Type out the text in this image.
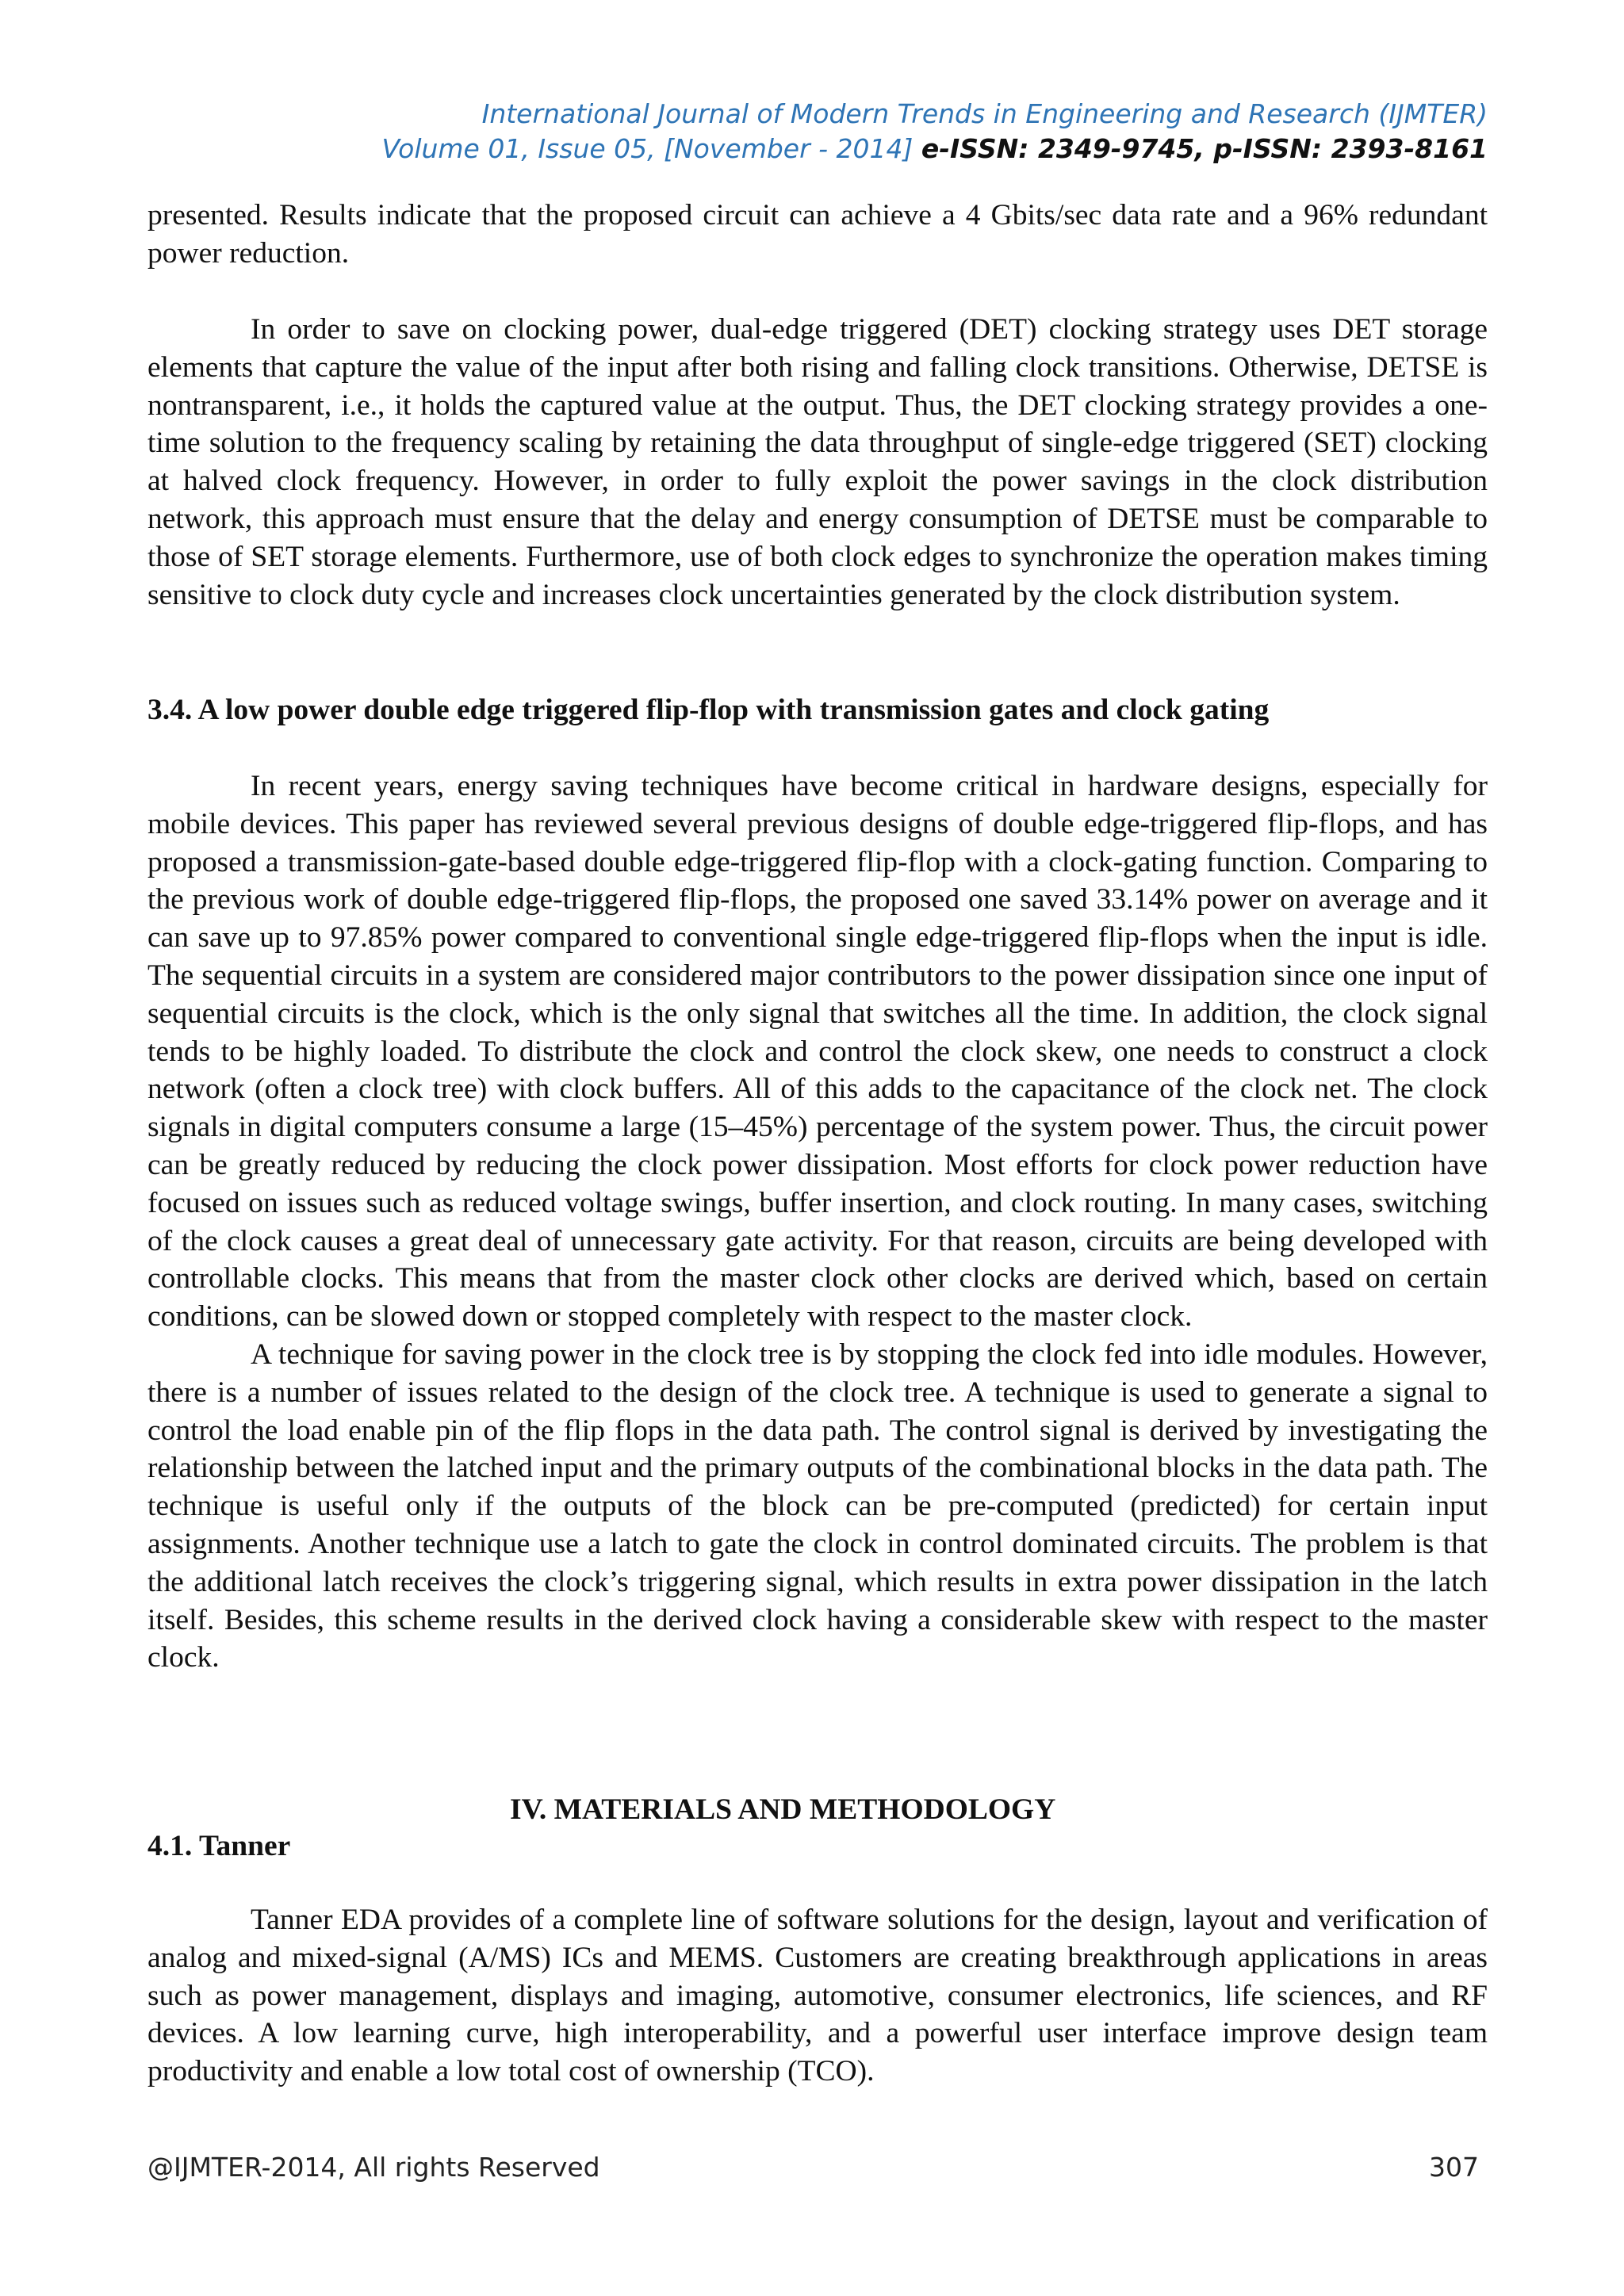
International Journal of Modern Trends in Engineering and Research (IJMTER)
Volume 01, Issue 05, [November - 2014] e-ISSN: 2349-9745, p-ISSN: 2393-8161

presented. Results indicate that the proposed circuit can achieve a 4 Gbits/sec data rate and a 96% redundant power reduction.

In order to save on clocking power, dual-edge triggered (DET) clocking strategy uses DET storage elements that capture the value of the input after both rising and falling clock transitions. Otherwise, DETSE is nontransparent, i.e., it holds the captured value at the output. Thus, the DET clocking strategy provides a one-time solution to the frequency scaling by retaining the data throughput of single-edge triggered (SET) clocking at halved clock frequency. However, in order to fully exploit the power savings in the clock distribution network, this approach must ensure that the delay and energy consumption of DETSE must be comparable to those of SET storage elements. Furthermore, use of both clock edges to synchronize the operation makes timing sensitive to clock duty cycle and increases clock uncertainties generated by the clock distribution system.

3.4. A low power double edge triggered flip-flop with transmission gates and clock gating

In recent years, energy saving techniques have become critical in hardware designs, especially for mobile devices. This paper has reviewed several previous designs of double edge-triggered flip-flops, and has proposed a transmission-gate-based double edge-triggered flip-flop with a clock-gating function. Comparing to the previous work of double edge-triggered flip-flops, the proposed one saved 33.14% power on average and it can save up to 97.85% power compared to conventional single edge-triggered flip-flops when the input is idle. The sequential circuits in a system are considered major contributors to the power dissipation since one input of sequential circuits is the clock, which is the only signal that switches all the time. In addition, the clock signal tends to be highly loaded. To distribute the clock and control the clock skew, one needs to construct a clock network (often a clock tree) with clock buffers. All of this adds to the capacitance of the clock net. The clock signals in digital computers consume a large (15–45%) percentage of the system power. Thus, the circuit power can be greatly reduced by reducing the clock power dissipation. Most efforts for clock power reduction have focused on issues such as reduced voltage swings, buffer insertion, and clock routing. In many cases, switching of the clock causes a great deal of unnecessary gate activity. For that reason, circuits are being developed with controllable clocks. This means that from the master clock other clocks are derived which, based on certain conditions, can be slowed down or stopped completely with respect to the master clock.

A technique for saving power in the clock tree is by stopping the clock fed into idle modules. However, there is a number of issues related to the design of the clock tree. A technique is used to generate a signal to control the load enable pin of the flip flops in the data path. The control signal is derived by investigating the relationship between the latched input and the primary outputs of the combinational blocks in the data path. The technique is useful only if the outputs of the block can be pre-computed (predicted) for certain input assignments. Another technique use a latch to gate the clock in control dominated circuits. The problem is that the additional latch receives the clock’s triggering signal, which results in extra power dissipation in the latch itself. Besides, this scheme results in the derived clock having a considerable skew with respect to the master clock.

IV. MATERIALS AND METHODOLOGY
4.1. Tanner

Tanner EDA provides of a complete line of software solutions for the design, layout and verification of analog and mixed-signal (A/MS) ICs and MEMS. Customers are creating breakthrough applications in areas such as power management, displays and imaging, automotive, consumer electronics, life sciences, and RF devices. A low learning curve, high interoperability, and a powerful user interface improve design team productivity and enable a low total cost of ownership (TCO).

@IJMTER-2014, All rights Reserved	307
